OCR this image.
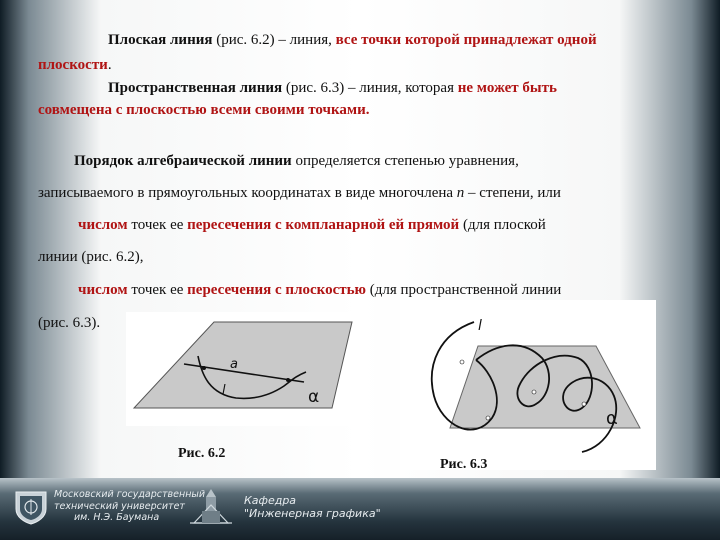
Плоская линия (рис. 6.2) – линия, все точки которой принадлежат одной
плоскости.
Пространственная линия (рис. 6.3) – линия, которая не может быть
совмещена с плоскостью всеми своими точками.
Порядок алгебраической линии определяется степенью уравнения,
записываемого в прямоугольных координатах в виде многочлена n – степени, или
числом точек ее пересечения с компланарной ей прямой (для плоской
линии (рис. 6.2),
числом точек ее пересечения с плоскостью (для пространственной линии
(рис. 6.3).
a
l	α
Рис. 6.2
l
α
Рис. 6.3
Московский государственный
технический университет
им. Н.Э. Баумана
Кафедра
"Инженерная графика"
